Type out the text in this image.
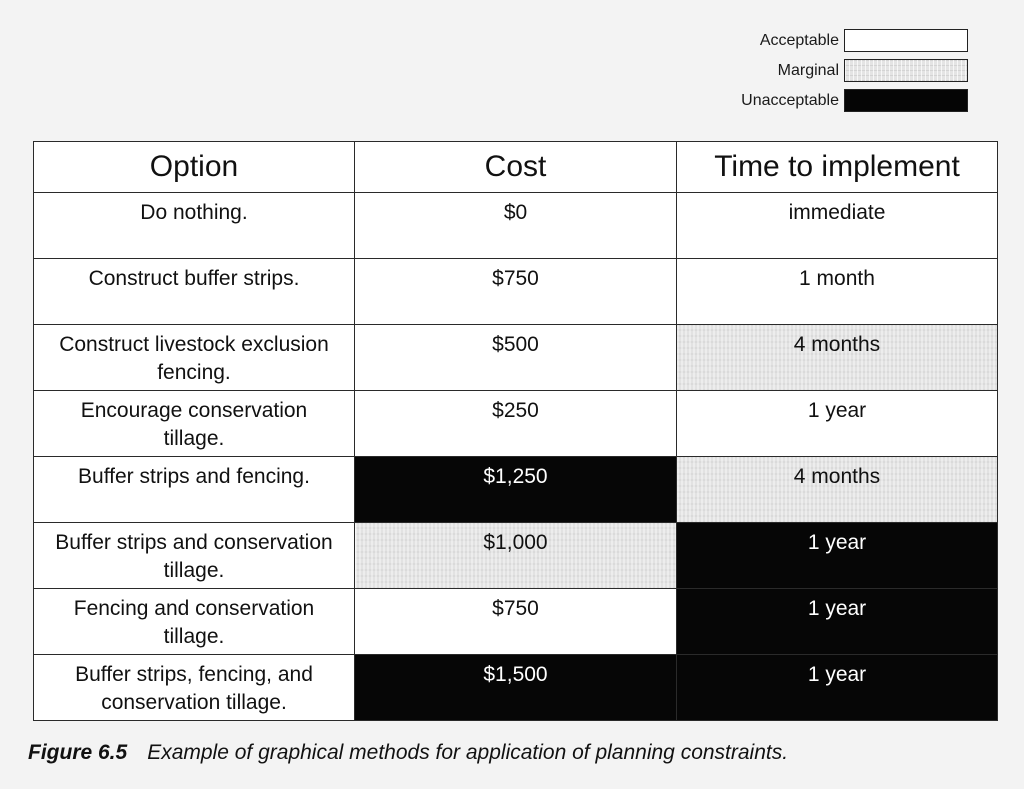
Acceptable
Marginal
Unacceptable
Option	Cost	Time to implement
Do nothing.	$0	immediate
Construct buffer strips.	$750	1 month
Construct livestock exclusion fencing.	$500	4 months
Encourage conservation tillage.	$250	1 year
Buffer strips and fencing.	$1,250	4 months
Buffer strips and conservation tillage.	$1,000	1 year
Fencing and conservation tillage.	$750	1 year
Buffer strips, fencing, and conservation tillage.	$1,500	1 year
Figure 6.5 Example of graphical methods for application of planning constraints.
